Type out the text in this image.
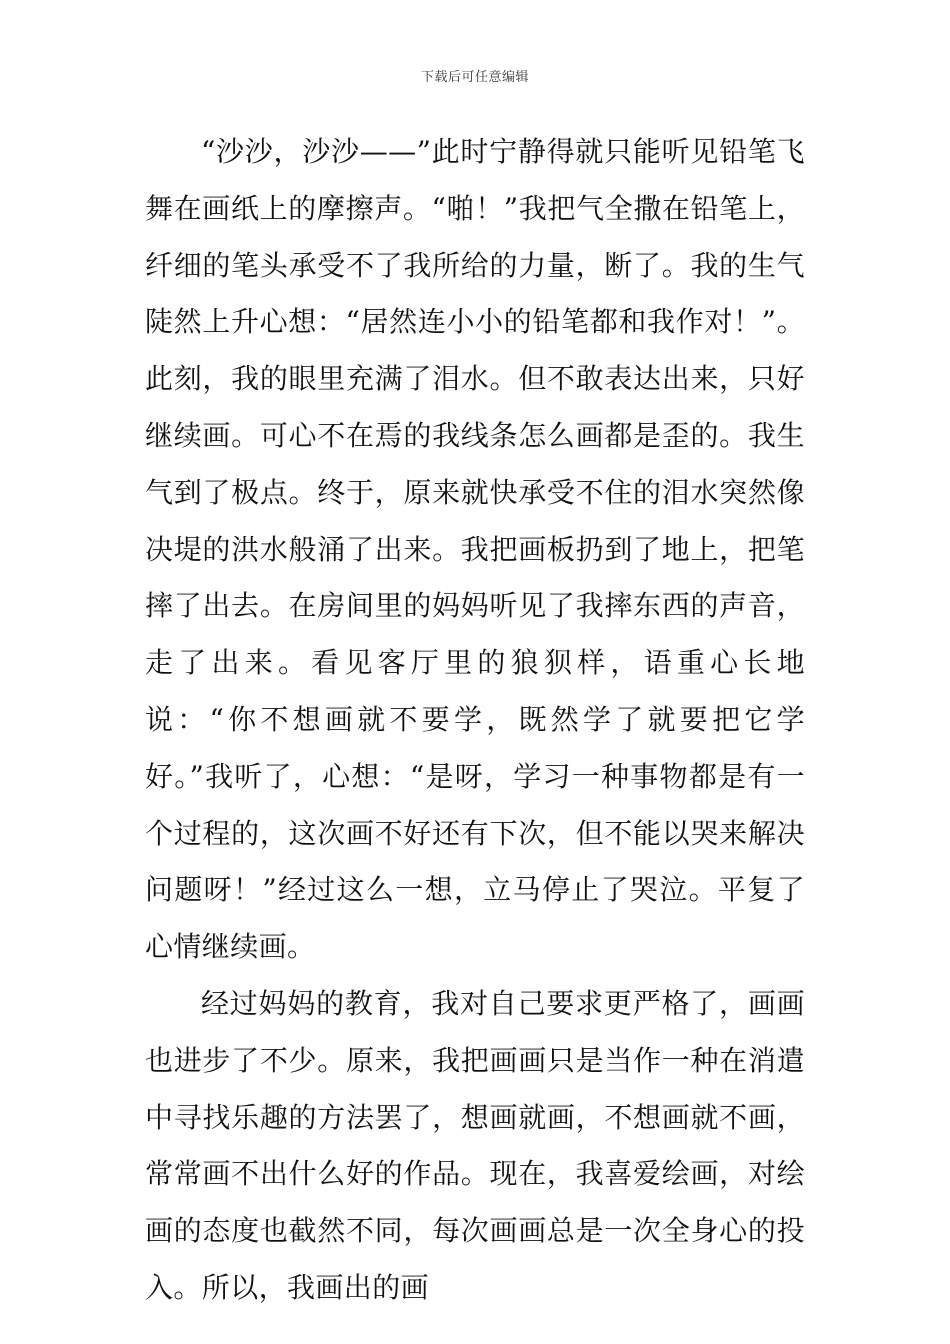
下载后可任意编辑

“沙沙，沙沙——”此时宁静得就只能听见铅笔飞舞在画纸上的摩擦声。“啪！”我把气全撒在铅笔上，纤细的笔头承受不了我所给的力量，断了。我的生气陡然上升心想：“居然连小小的铅笔都和我作对！”。此刻，我的眼里充满了泪水。但不敢表达出来，只好继续画。可心不在焉的我线条怎么画都是歪的。我生气到了极点。终于，原来就快承受不住的泪水突然像决堤的洪水般涌了出来。我把画板扔到了地上，把笔摔了出去。在房间里的妈妈听见了我摔东西的声音，走了出来。看见客厅里的狼狈样，语重心长地说：“你不想画就不要学，既然学了就要把它学好。”我听了，心想：“是呀，学习一种事物都是有一个过程的，这次画不好还有下次，但不能以哭来解决问题呀！”经过这么一想，立马停止了哭泣。平复了心情继续画。

经过妈妈的教育，我对自己要求更严格了，画画也进步了不少。原来，我把画画只是当作一种在消遣中寻找乐趣的方法罢了，想画就画，不想画就不画，常常画不出什么好的作品。现在，我喜爱绘画，对绘画的态度也截然不同，每次画画总是一次全身心的投入。所以，我画出的画
